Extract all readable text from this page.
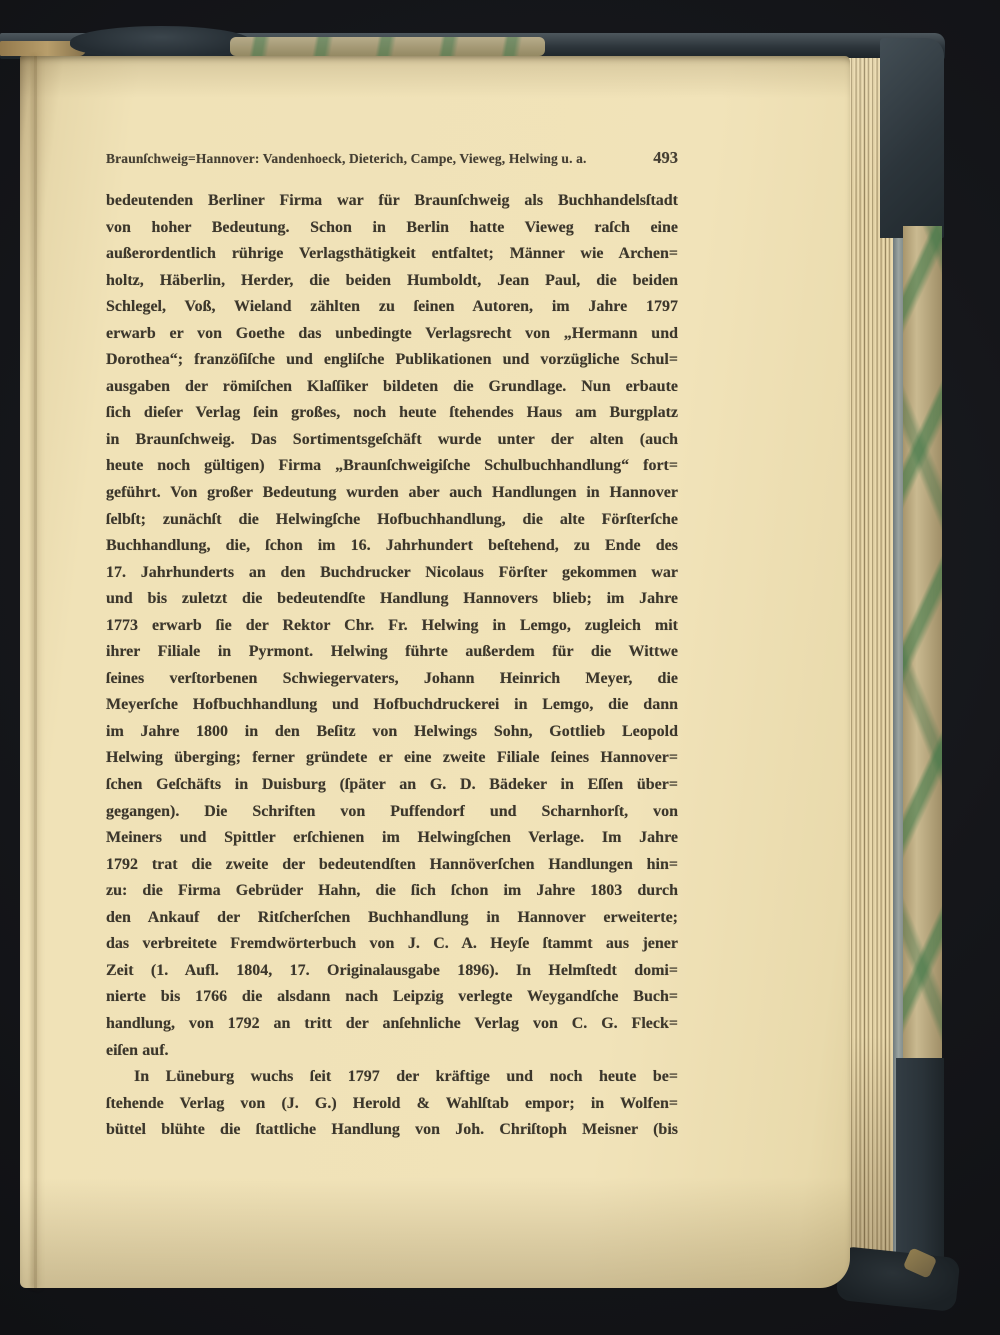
Braunſchweig=Hannover: Vandenhoeck, Dieterich, Campe, Vieweg, Helwing u. a.	493
bedeutenden Berliner Firma war für Braunſchweig als Buchhandelsſtadt
von hoher Bedeutung. Schon in Berlin hatte Vieweg raſch eine
außerordentlich rührige Verlagsthätigkeit entfaltet; Männer wie Archen=
holtz, Häberlin, Herder, die beiden Humboldt, Jean Paul, die beiden
Schlegel, Voß, Wieland zählten zu ſeinen Autoren, im Jahre 1797
erwarb er von Goethe das unbedingte Verlagsrecht von „Hermann und
Dorothea“; franzöſiſche und engliſche Publikationen und vorzügliche Schul=
ausgaben der römiſchen Klaſſiker bildeten die Grundlage. Nun erbaute
ſich dieſer Verlag ſein großes, noch heute ſtehendes Haus am Burgplatz
in Braunſchweig. Das Sortimentsgeſchäft wurde unter der alten (auch
heute noch gültigen) Firma „Braunſchweigiſche Schulbuchhandlung“ fort=
geführt. Von großer Bedeutung wurden aber auch Handlungen in Hannover
ſelbſt; zunächſt die Helwingſche Hofbuchhandlung, die alte Förſterſche
Buchhandlung, die, ſchon im 16. Jahrhundert beſtehend, zu Ende des
17. Jahrhunderts an den Buchdrucker Nicolaus Förſter gekommen war
und bis zuletzt die bedeutendſte Handlung Hannovers blieb; im Jahre
1773 erwarb ſie der Rektor Chr. Fr. Helwing in Lemgo, zugleich mit
ihrer Filiale in Pyrmont. Helwing führte außerdem für die Wittwe
ſeines verſtorbenen Schwiegervaters, Johann Heinrich Meyer, die
Meyerſche Hofbuchhandlung und Hofbuchdruckerei in Lemgo, die dann
im Jahre 1800 in den Beſitz von Helwings Sohn, Gottlieb Leopold
Helwing überging; ferner gründete er eine zweite Filiale ſeines Hannover=
ſchen Geſchäfts in Duisburg (ſpäter an G. D. Bädeker in Eſſen über=
gegangen). Die Schriften von Puffendorf und Scharnhorſt, von
Meiners und Spittler erſchienen im Helwingſchen Verlage. Im Jahre
1792 trat die zweite der bedeutendſten Hannöverſchen Handlungen hin=
zu: die Firma Gebrüder Hahn, die ſich ſchon im Jahre 1803 durch
den Ankauf der Ritſcherſchen Buchhandlung in Hannover erweiterte;
das verbreitete Fremdwörterbuch von J. C. A. Heyſe ſtammt aus jener
Zeit (1. Aufl. 1804, 17. Originalausgabe 1896). In Helmſtedt domi=
nierte bis 1766 die alsdann nach Leipzig verlegte Weygandſche Buch=
handlung, von 1792 an tritt der anſehnliche Verlag von C. G. Fleck=
eiſen auf.
In Lüneburg wuchs ſeit 1797 der kräftige und noch heute be=
ſtehende Verlag von (J. G.) Herold & Wahlſtab empor; in Wolfen=
büttel blühte die ſtattliche Handlung von Joh. Chriſtoph Meisner (bis
